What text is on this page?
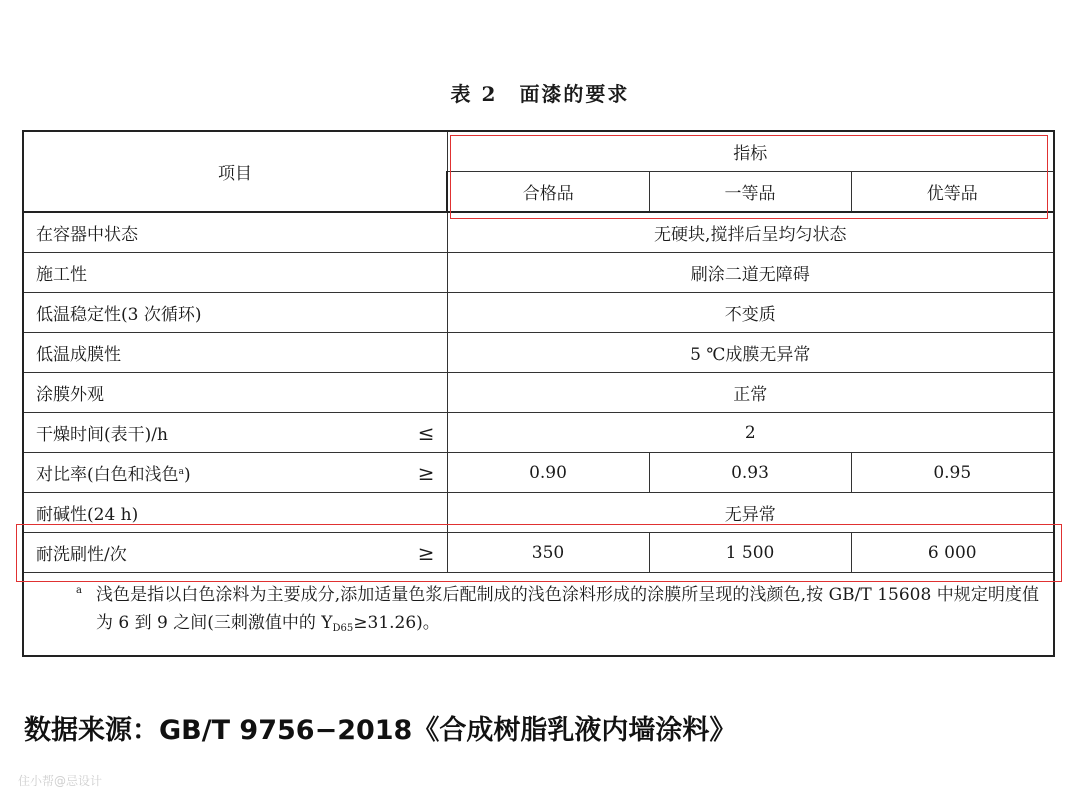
表 2 面漆的要求
项目	指标		
	合格品	一等品	优等品
在容器中状态	无硬块,搅拌后呈均匀状态		
施工性	刷涂二道无障碍		
低温稳定性(3 次循环)	不变质		
低温成膜性	5 ℃成膜无异常		
涂膜外观	正常		
干燥时间(表干)/h ≤	2		
对比率(白色和浅色$^a$) ≥	0.90	0.93	0.95
耐碱性(24 h)	无异常		
耐洗刷性/次 ≥	350	1 500	6 000

a 浅色是指以白色涂料为主要成分,添加适量色浆后配制成的浅色涂料形成的涂膜所呈现的浅颜色,按 GB/T 15608 中规定明度值为 6 到 9 之间(三刺激值中的 $Y_{D65}\ge 31.26$)。			
数据来源：GB/T 9756−2018《合成树脂乳液内墙涂料》
住小帮@忌设计
